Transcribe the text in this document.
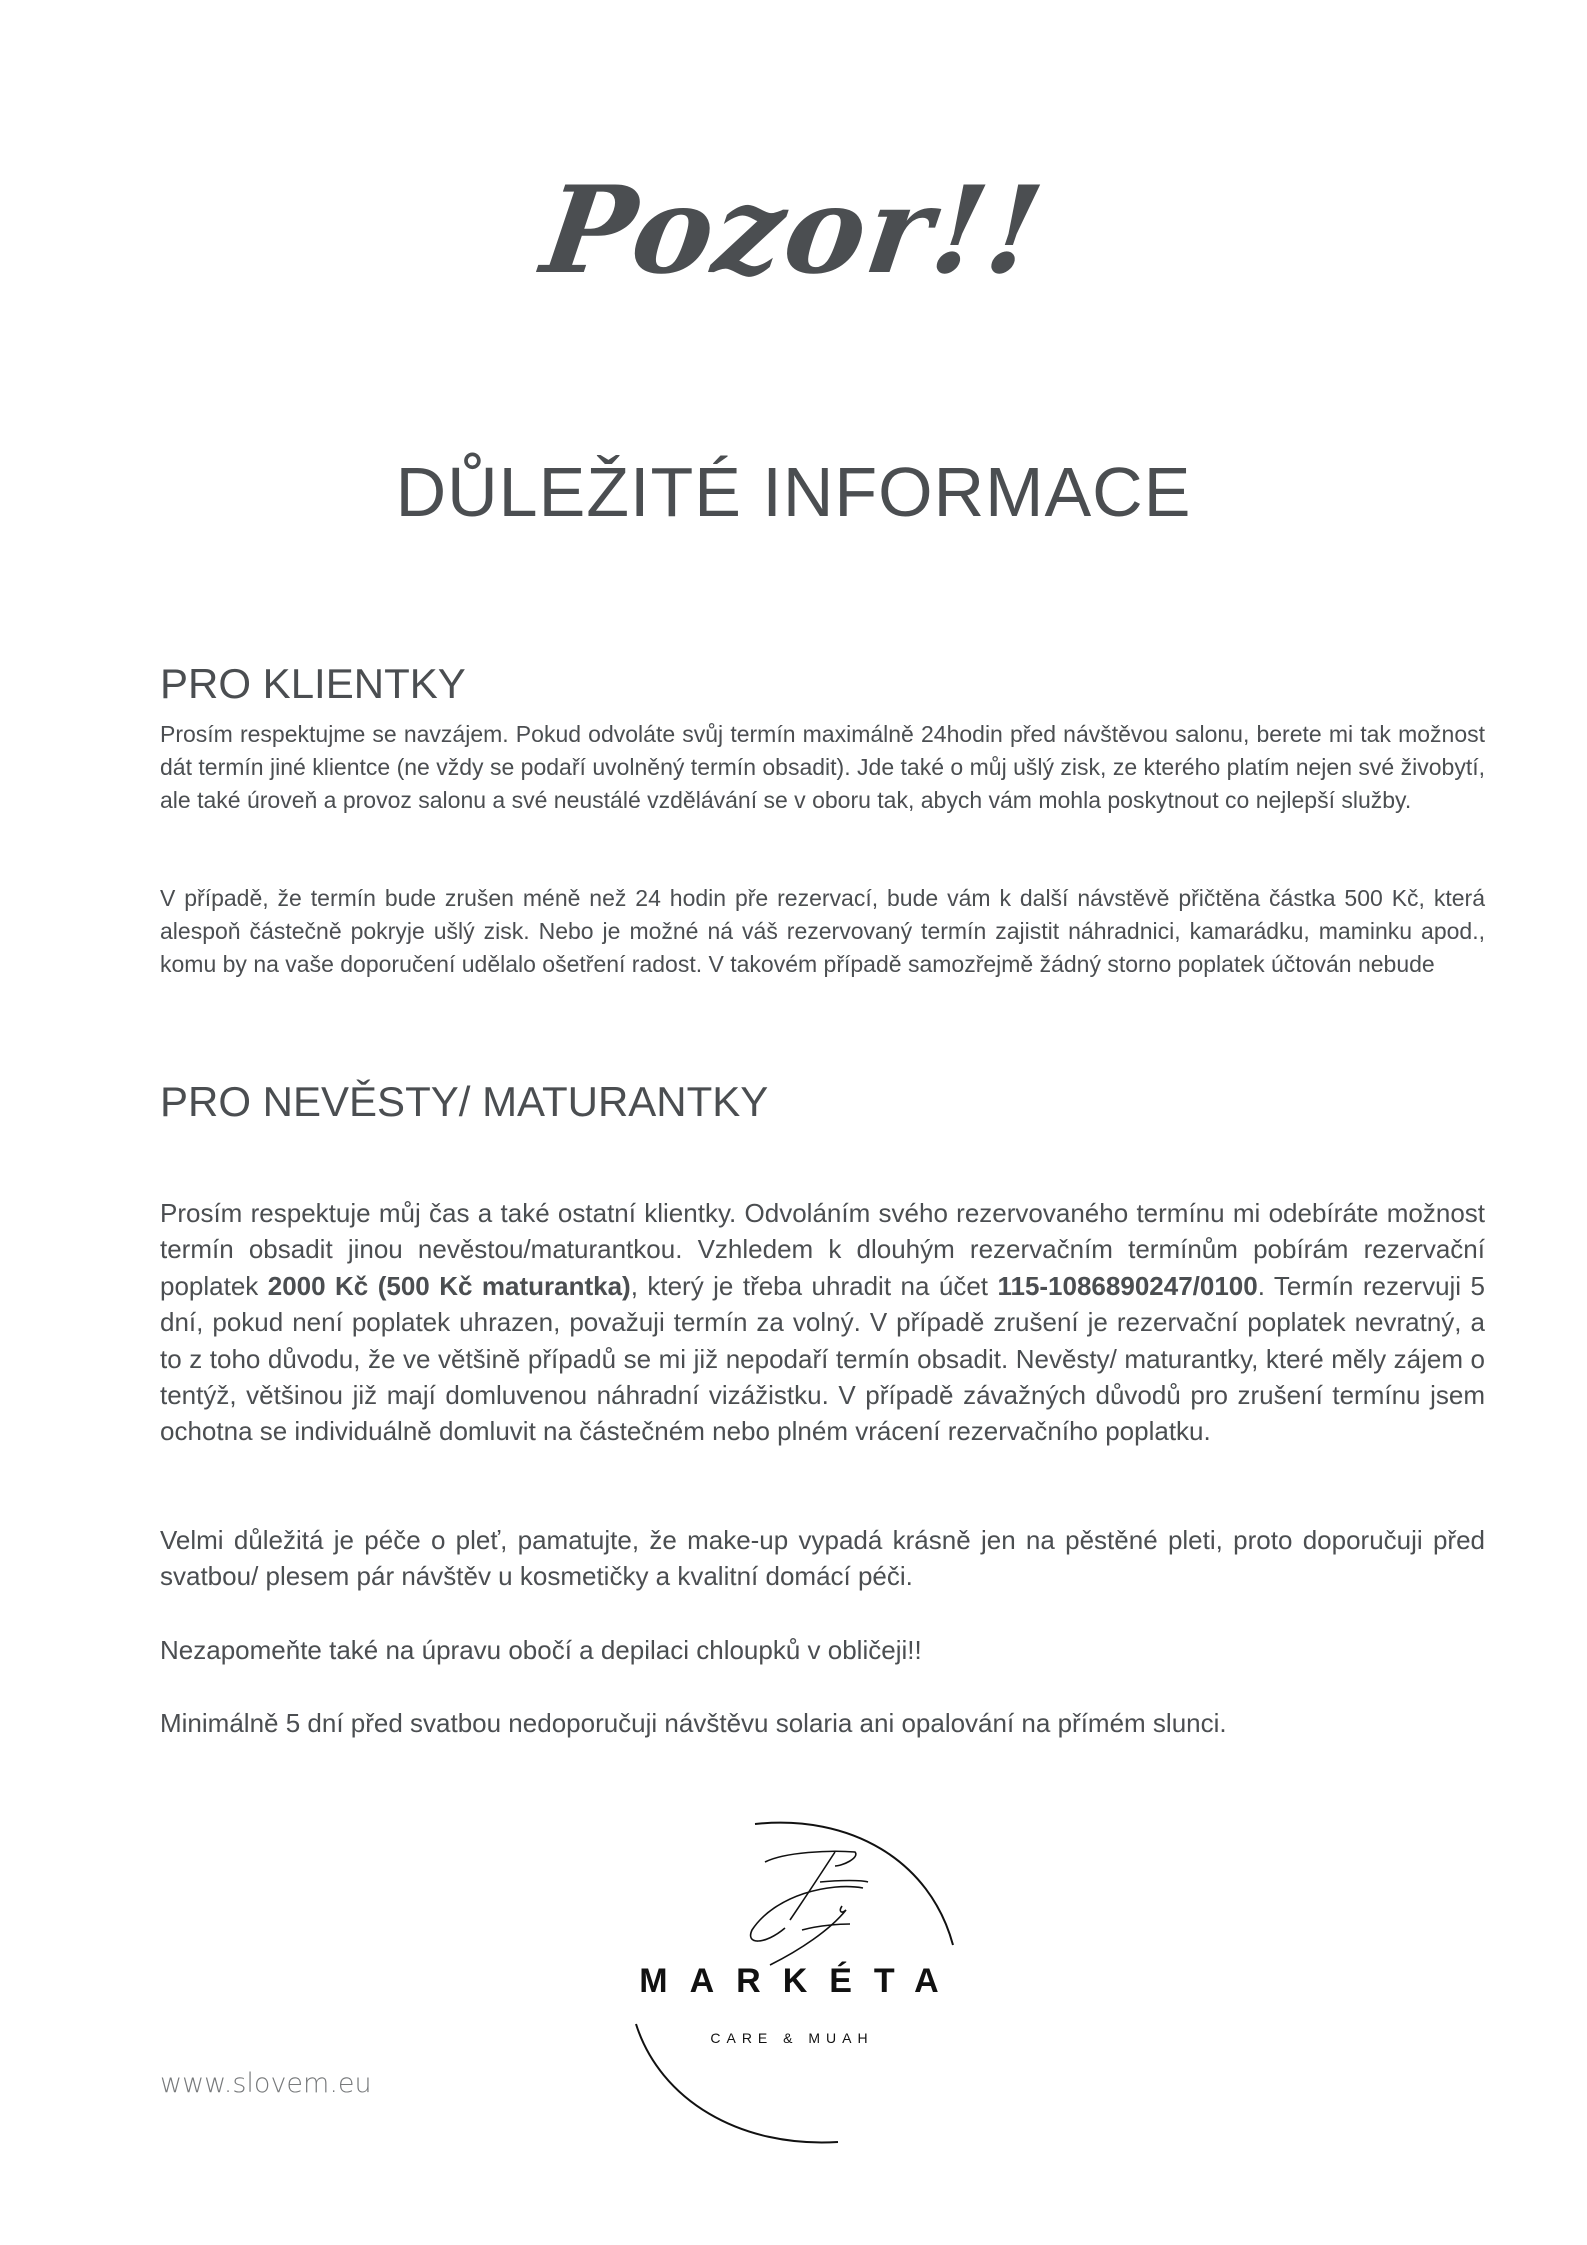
Pozor!!
DŮLEŽITÉ INFORMACE
PRO KLIENTKY

Prosím respektujme se navzájem. Pokud odvoláte svůj termín maximálně 24hodin před návštěvou salonu, berete mi tak možnost dát termín jiné klientce (ne vždy se podaří uvolněný termín obsadit). Jde také o můj ušlý zisk, ze kterého platím nejen své živobytí, ale také úroveň a provoz salonu a své neustálé vzdělávání se v oboru tak, abych vám mohla poskytnout co nejlepší služby.

V případě, že termín bude zrušen méně než 24 hodin pře rezervací, bude vám k další návstěvě přičtěna částka 500 Kč, která alespoň částečně pokryje ušlý zisk. Nebo je možné ná váš rezervovaný termín zajistit náhradnici, kamarádku, maminku apod., komu by na vaše doporučení udělalo ošetření radost. V takovém případě samozřejmě žádný storno poplatek účtován nebude

PRO NEVĚSTY/ MATURANTKY

Prosím respektuje můj čas a také ostatní klientky. Odvoláním svého rezervovaného termínu mi odebíráte možnost termín obsadit jinou nevěstou/maturantkou. Vzhledem k dlouhým rezervačním termínům pobírám rezervační poplatek 2000 Kč (500 Kč maturantka), který je třeba uhradit na účet 115-1086890247/0100. Termín rezervuji 5 dní, pokud není poplatek uhrazen, považuji termín za volný. V případě zrušení je rezervační poplatek nevratný, a to z toho důvodu, že ve většině případů se mi již nepodaří termín obsadit. Nevěsty/ maturantky, které měly zájem o tentýž, většinou již mají domluvenou náhradní vizážistku. V případě závažných důvodů pro zrušení termínu jsem ochotna se individuálně domluvit na částečném nebo plném vrácení rezervačního poplatku.

Velmi důležitá je péče o pleť, pamatujte, že make-up vypadá krásně jen na pěstěné pleti, proto doporučuji před svatbou/ plesem pár návštěv u kosmetičky a kvalitní domácí péči.

Nezapomeňte také na úpravu obočí a depilaci chloupků v obličeji!!

Minimálně 5 dní před svatbou nedoporučuji návštěvu solaria ani opalování na přímém slunci.

MARKÉTA
CARE & MUAH
www.slovem.eu
